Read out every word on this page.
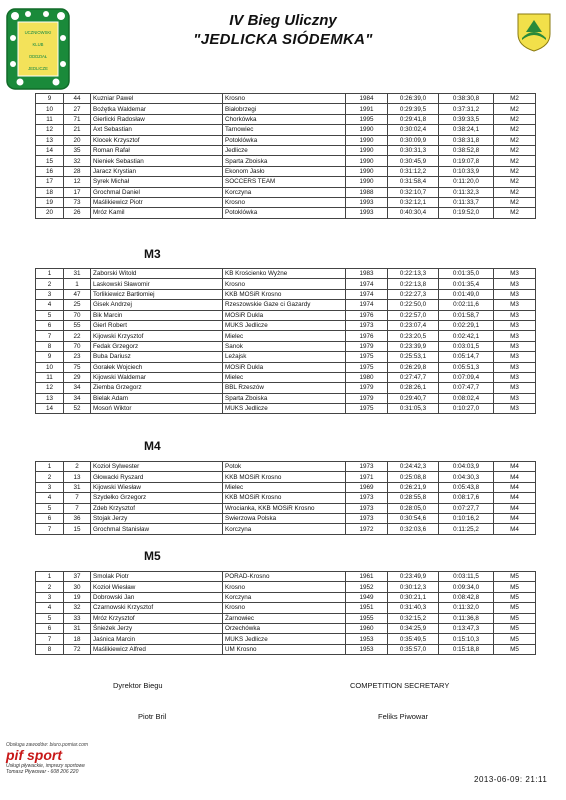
UCZNIOWSKI
KLUB
ODDZIAŁ
JEDLICZE
IV Bieg Uliczny
"JEDLICKA SIÓDEMKA"
9	44	Kuzniar Pawel	Krosno	1984	0:26:39,0	0:38:30,8	M2
10	27	Bożętka Waldemar	Białobrzegi	1991	0:29:39,5	0:37:31,2	M2
11	71	Gierlicki Radosław	Chorkówka	1995	0:29:41,8	0:39:33,5	M2
12	21	Axt Sebastian	Tarnowiec	1990	0:30:02,4	0:38:24,1	M2
13	20	Klocek Krzysztof	Potoklówka	1990	0:30:09,9	0:38:31,8	M2
14	35	Roman Rafał	Jedlicze	1990	0:30:31,3	0:38:52,8	M2
15	32	Nieniek Sebastian	Sparta Zboiska	1990	0:30:45,9	0:19:07,8	M2
16	28	Jaracz Krystian	Ekonom Jasło	1990	0:31:12,2	0:10:33,9	M2
17	12	Syrek Michał	SOCCERS TEAM	1990	0:31:58,4	0:11:20,0	M2
18	17	Grochmal Daniel	Korczyna	1988	0:32:10,7	0:11:32,3	M2
19	73	Maślikiewicz Piotr	Krosno	1993	0:32:12,1	0:11:33,7	M2
20	26	Mróz Kamil	Potoklówka	1993	0:40:30,4	0:19:52,0	M2
M3
1	31	Zaborski Witold	KB Krościenko Wyżne	1983	0:22:13,3	0:01:35,0	M3
2	1	Laskowski Sławomir	Krosno	1974	0:22:13,8	0:01:35,4	M3
3	47	Torlikiewicz Bartłomiej	KKB MOSiR Krosno	1974	0:22:27,3	0:01:49,0	M3
4	25	Gisek Andrzej	Rzeszowskie Gaze ci Gazardy	1974	0:22:50,0	0:02:11,6	M3
5	70	Bik Marcin	MOSiR Dukla	1976	0:22:57,0	0:01:58,7	M3
6	55	Gierl Robert	MUKS Jedlicze	1973	0:23:07,4	0:02:29,1	M3
7	22	Kijowski Krzysztof	Mielec	1976	0:23:20,5	0:02:42,1	M3
8	70	Fedak Grzegorz	Sanok	1979	0:23:39,9	0:03:01,5	M3
9	23	Buba Dariusz	Leżajsk	1975	0:25:53,1	0:05:14,7	M3
10	75	Gorałek Wojciech	MOSiR Dukla	1975	0:26:29,8	0:05:51,3	M3
11	29	Kijowski Waldemar	Mielec	1980	0:27:47,7	0:07:09,4	M3
12	34	Ziemba Grzegorz	BBL Rzeszów	1979	0:28:26,1	0:07:47,7	M3
13	34	Bielak Adam	Sparta Zboiska	1979	0:29:40,7	0:08:02,4	M3
14	52	Mosoń Wiktor	MUKS Jedlicze	1975	0:31:05,3	0:10:27,0	M3
M4
1	2	Kozioł Sylwester	Potok	1973	0:24:42,3	0:04:03,9	M4
2	13	Głowacki Ryszard	KKB MOSiR Krosno	1971	0:25:08,8	0:04:30,3	M4
3	31	Kijowski Wiesław	Mielec	1969	0:26:21,9	0:05:43,8	M4
4	7	Szydełko Grzegorz	KKB MOSiR Krosno	1973	0:28:55,8	0:08:17,6	M4
5	7	Zdeb Krzysztof	Wrocianka, KKB MOSiR Krosno	1973	0:28:05,0	0:07:27,7	M4
6	36	Stojak Jerzy	Swierzowa Polska	1973	0:30:54,6	0:10:16,2	M4
7	15	Grochmal Stanisław	Korczyna	1972	0:32:03,6	0:11:25,2	M4
M5
1	37	Smolak Piotr	PORAD-Krosno	1961	0:23:49,9	0:03:11,5	M5
2	30	Kozioł Wiesław	Krosno	1952	0:30:12,3	0:09:34,0	M5
3	19	Dobrowski Jan	Korczyna	1949	0:30:21,1	0:08:42,8	M5
4	32	Czarnowski Krzysztof	Krosno	1951	0:31:40,3	0:11:32,0	M5
5	33	Mróz Krzysztof	Żarnowiec	1955	0:32:15,2	0:11:36,8	M5
6	31	Śnieżek Jerzy	Orzechówka	1960	0:34:25,9	0:13:47,3	M5
7	18	Jaśnica Marcin	MUKS Jedlicze	1953	0:35:49,5	0:15:10,3	M5
8	72	Maślikiewicz Alfred	UM Krosno	1953	0:35:57,0	0:15:18,8	M5
Dyrektor Biegu	COMPETITION SECRETARY
Piotr Bril	Feliks Piwowar
Obsługa zawodów: biuro.pomiar.com
pif sport
Usługi pływackie, imprezy sportowe
Tomasz Pływowar - 608 206 220
2013-06-09: 21:11
